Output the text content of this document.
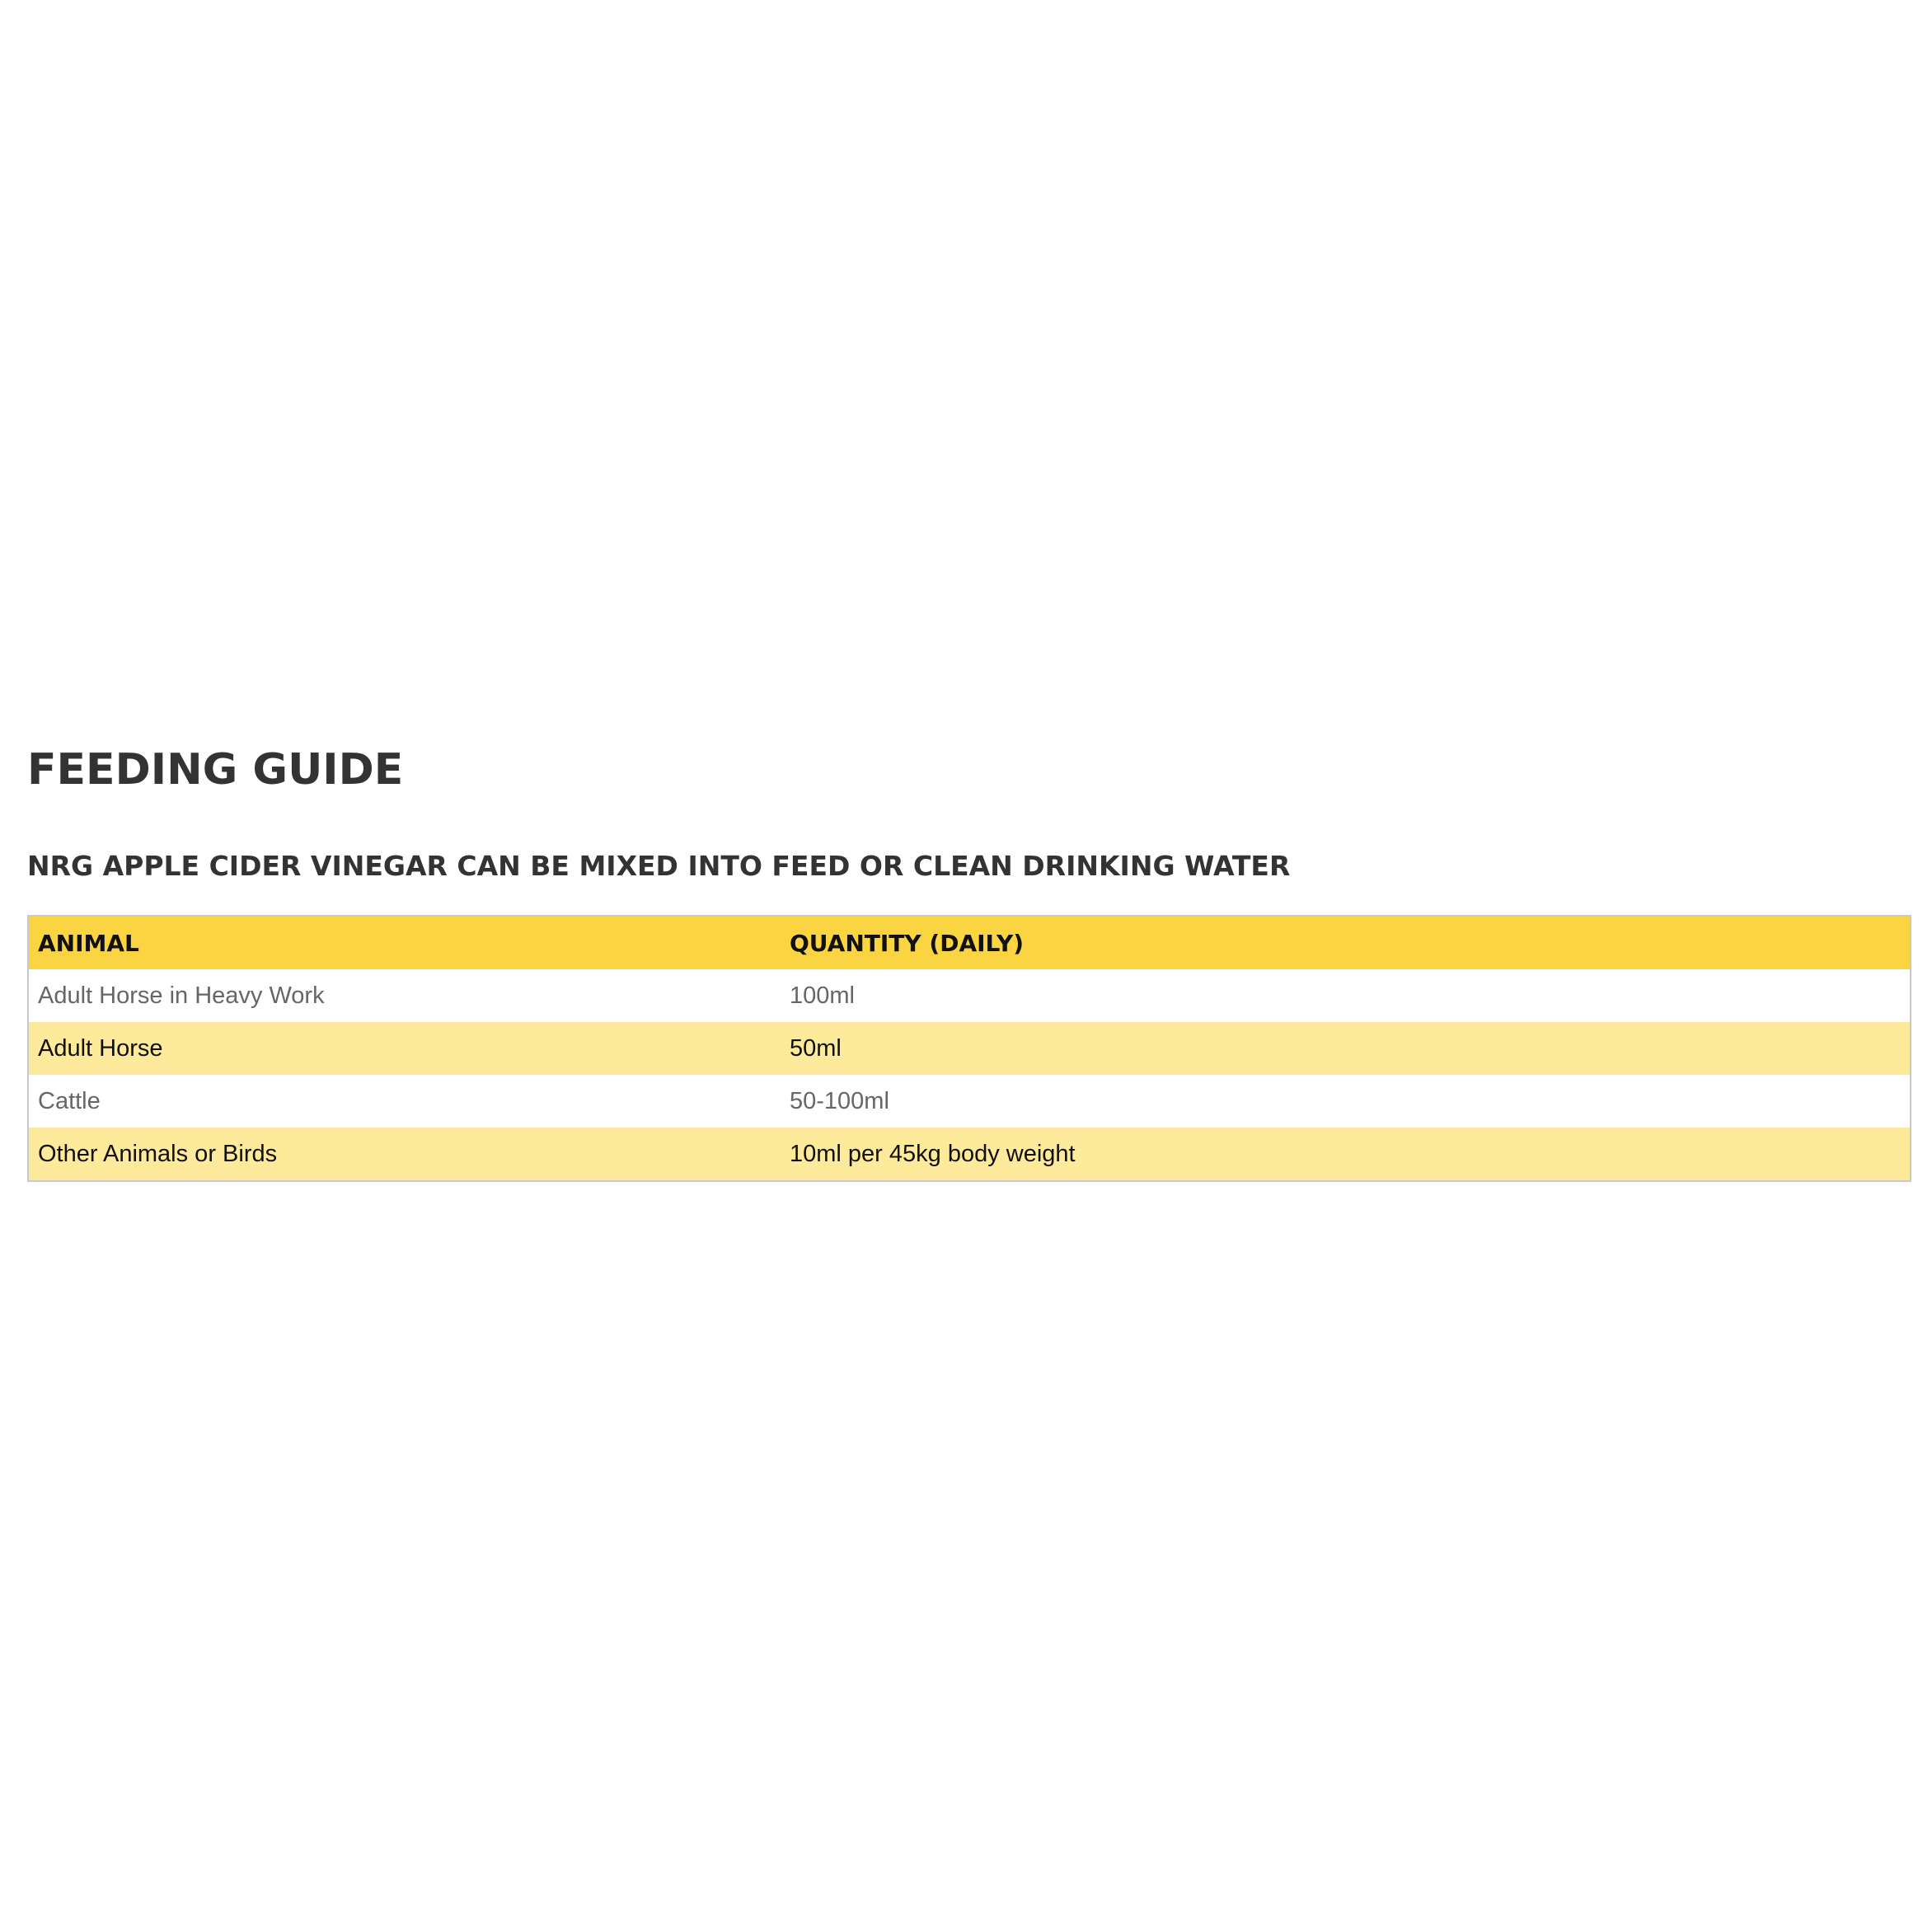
FEEDING GUIDE
NRG APPLE CIDER VINEGAR CAN BE MIXED INTO FEED OR CLEAN DRINKING WATER
ANIMAL	QUANTITY (DAILY)
Adult Horse in Heavy Work	100ml
Adult Horse	50ml
Cattle	50-100ml
Other Animals or Birds	10ml per 45kg body weight
